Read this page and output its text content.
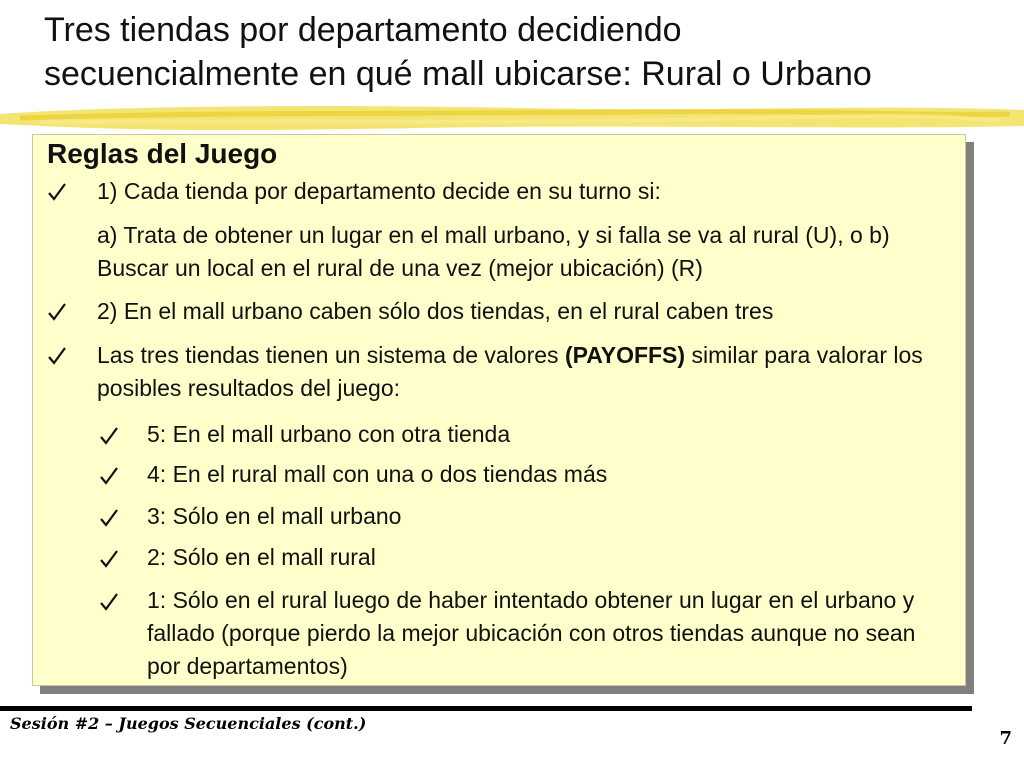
Tres tiendas por departamento decidiendo
secuencialmente en qué mall ubicarse: Rural o Urbano
Reglas del Juego
1) Cada tienda por departamento decide en su turno si:
a) Trata de obtener un lugar en el mall urbano, y si falla se va al rural (U), o b) Buscar un local en el rural de una vez (mejor ubicación) (R)
2) En el mall urbano caben sólo dos tiendas, en el rural caben tres
Las tres tiendas tienen un sistema de valores (PAYOFFS) similar para valorar los posibles resultados del juego:
5: En el mall urbano con otra tienda
4: En el rural mall con una o dos tiendas más
3: Sólo en el mall urbano
2: Sólo en el mall rural
1: Sólo en el rural luego de haber intentado obtener un lugar en el urbano y fallado (porque pierdo la mejor ubicación con otros tiendas aunque no sean por departamentos)
Sesión #2 – Juegos Secuenciales (cont.)
7
